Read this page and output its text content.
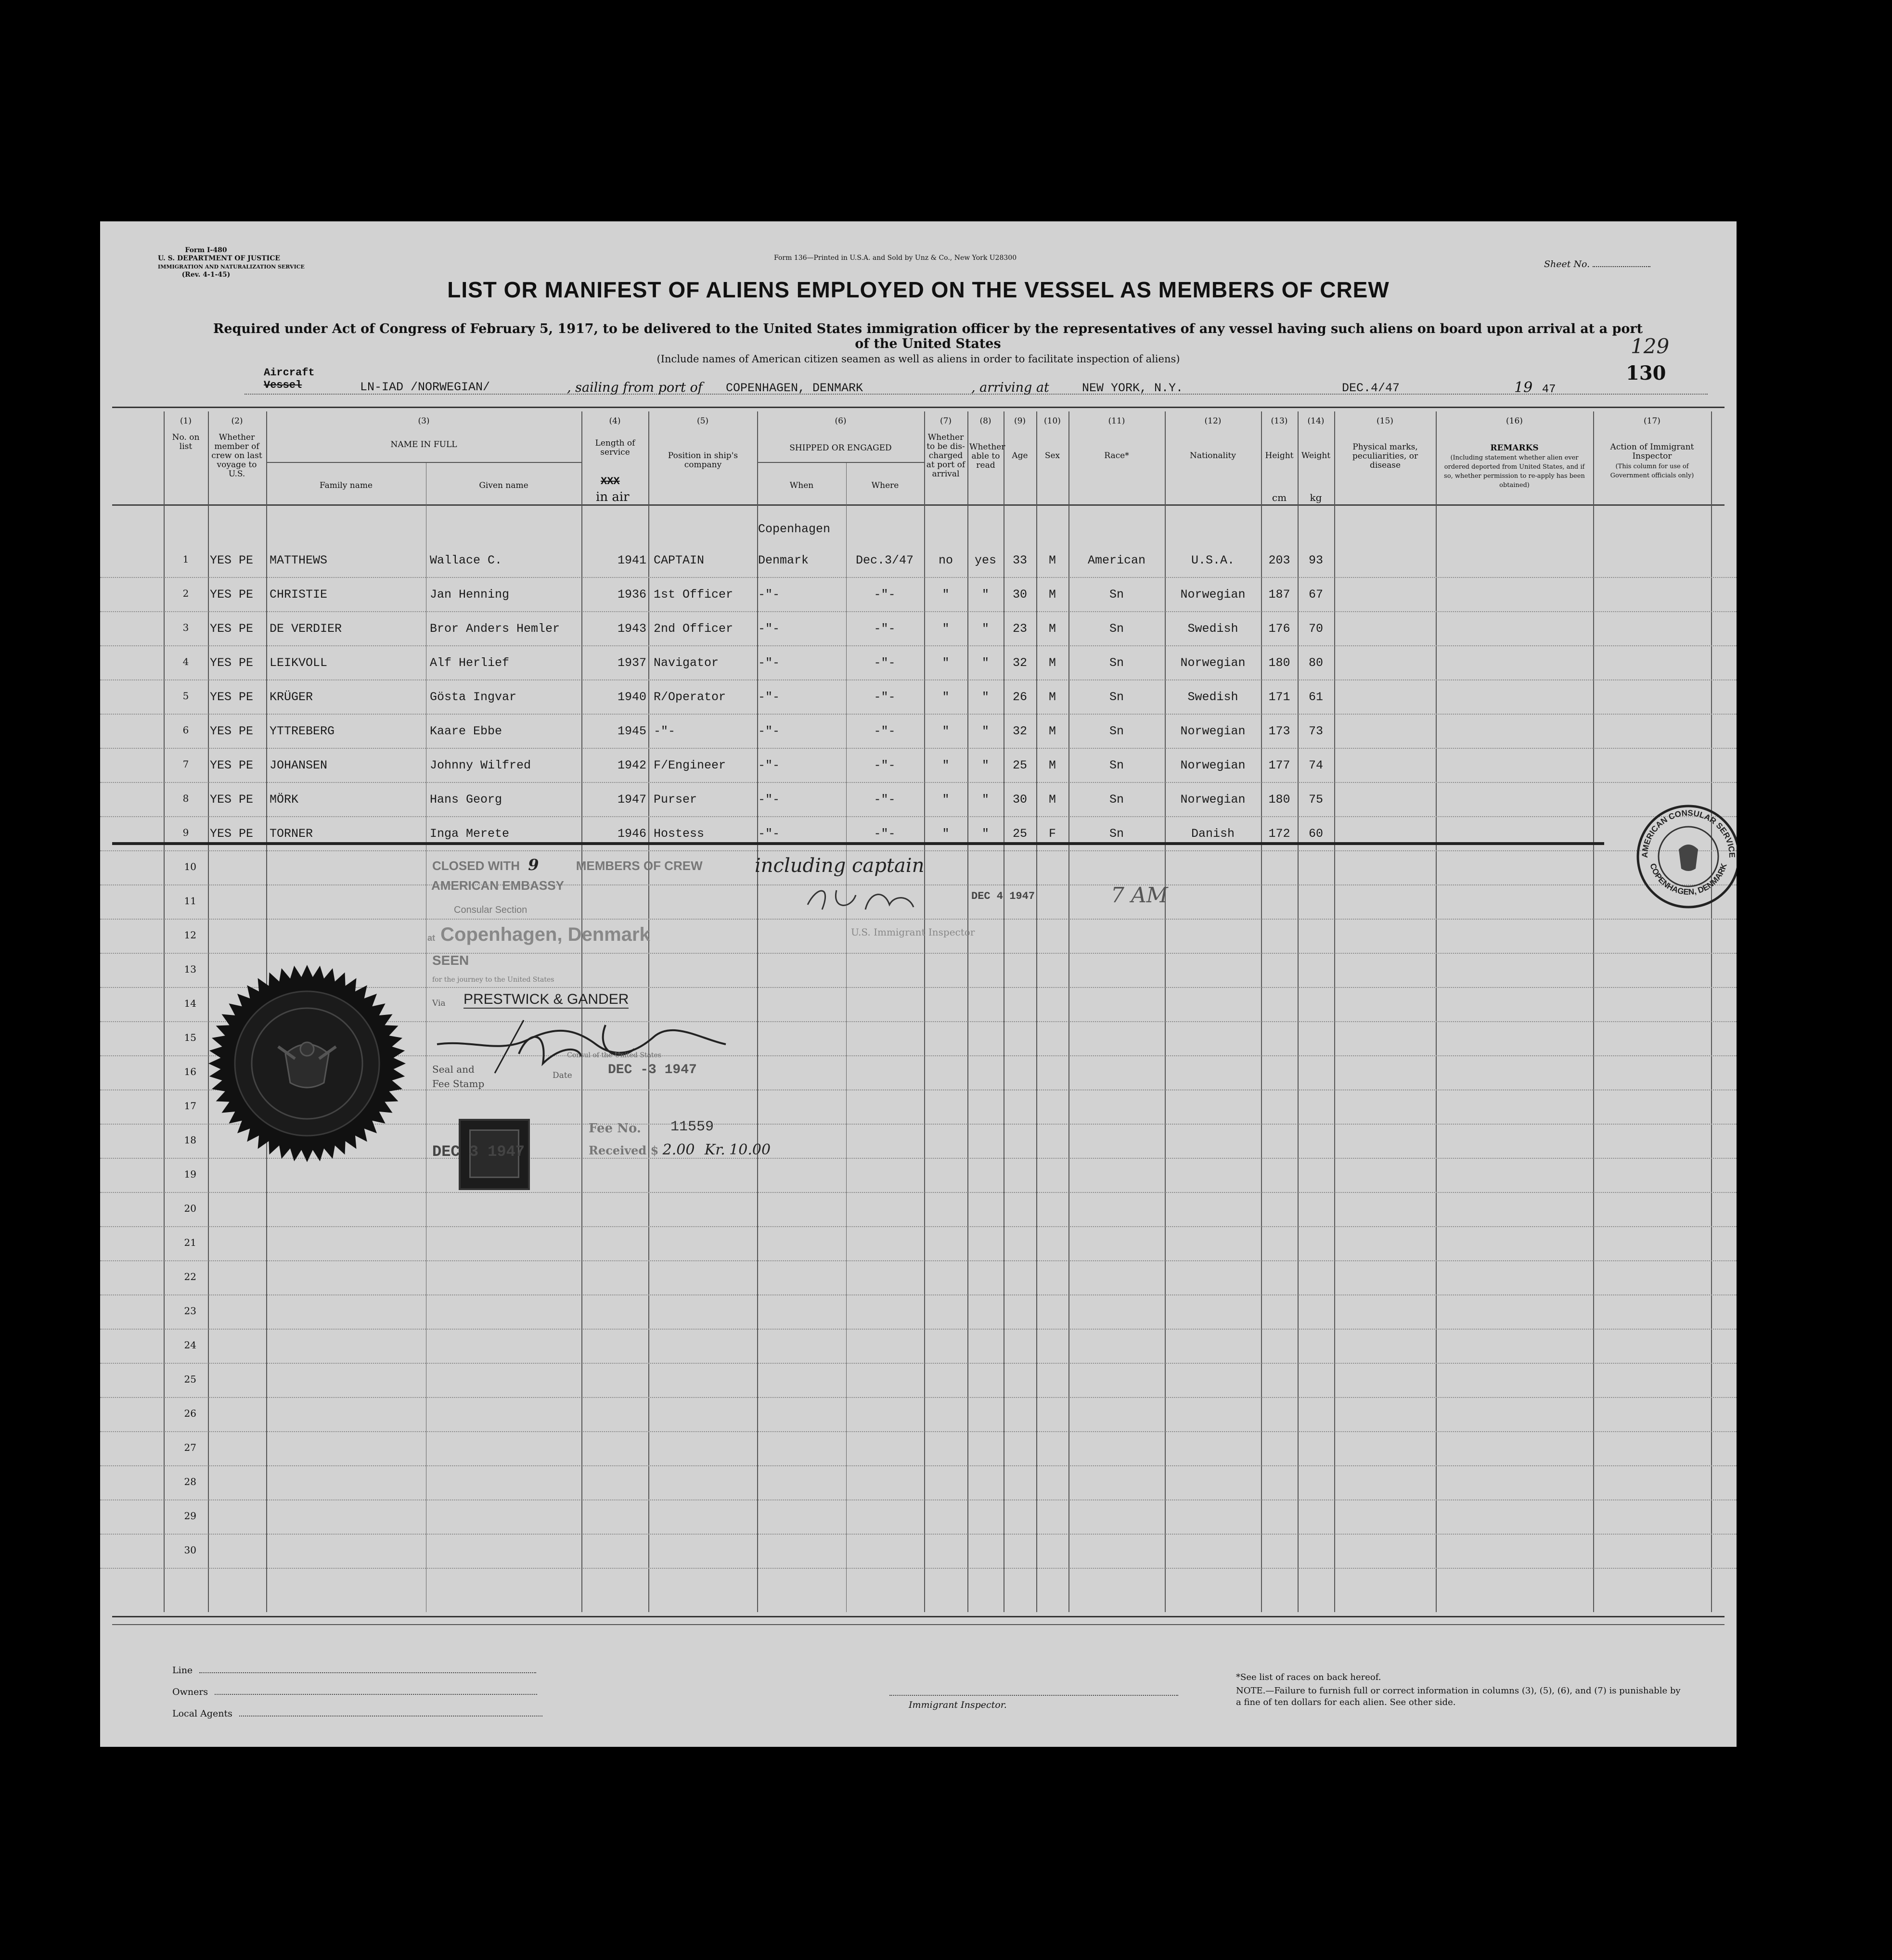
Form I-480
U. S. DEPARTMENT OF JUSTICE
IMMIGRATION AND NATURALIZATION SERVICE
(Rev. 4-1-45)
Form 136—Printed in U.S.A. and Sold by Unz & Co., New York U28300
Sheet No.
LIST OR MANIFEST OF ALIENS EMPLOYED ON THE VESSEL AS MEMBERS OF CREW
Required under Act of Congress of February 5, 1917, to be delivered to the United States immigration officer by the representatives of any vessel having such aliens on board upon arrival at a port of the United States
(Include names of American citizen seamen as well as aliens in order to facilitate inspection of aliens)
Aircraft
Vessel	LN-IAD /NORWEGIAN/	, sailing from port of COPENHAGEN, DENMARK	, arriving at	NEW YORK, N.Y.	DEC.4/47	19 47
129
130
(1)	(2)	(3)	(4)	(5)	(6)	(7)	(8)	(9)	(10)	(11)	(12)	(13)	(14)	(15)	(16)	(17)
No. on list
Whether member of crew on last voyage to U.S.
NAME IN FULL
Family name	Given name
Length of service
XXX
in air
Position in ship's company
SHIPPED OR ENGAGED
When	Where
Whether to be dis-charged at port of arrival
Whether able to read
Age	Sex	Race*	Nationality	Height
cm
Weight
kg
Physical marks, peculiarities, or disease
REMARKS
(Including statement whether alien ever ordered deported from United States, and if so, whether permission to re-apply has been obtained)
Action of Immigrant Inspector
(This column for use of Government officials only)
Copenhagen
1	YES PE	MATTHEWS	Wallace C.	1941 CAPTAIN	Denmark	Dec.3/47	no	yes	33	M	American	U.S.A.	203	93
2	YES PE	CHRISTIE	Jan Henning	1936 1st Officer	-"-	-"-	"	"	30	M	Sn	Norwegian	187	67
3	YES PE	DE VERDIER	Bror Anders Hemler	1943 2nd Officer	-"-	-"-	"	"	23	M	Sn	Swedish	176	70
4	YES PE	LEIKVOLL	Alf Herlief	1937 Navigator	-"-	-"-	"	"	32	M	Sn	Norwegian	180	80
5	YES PE	KRÜGER	Gösta Ingvar	1940 R/Operator	-"-	-"-	"	"	26	M	Sn	Swedish	171	61
6	YES PE	YTTREBERG	Kaare Ebbe	1945 -"-	-"-	-"-	"	"	32	M	Sn	Norwegian	173	73
7	YES PE	JOHANSEN	Johnny Wilfred	1942 F/Engineer	-"-	-"-	"	"	25	M	Sn	Norwegian	177	74
8	YES PE	MÖRK	Hans Georg	1947 Purser	-"-	-"-	"	"	30	M	Sn	Norwegian	180	75
9	YES PE	TORNER	Inga Merete	1946 Hostess	-"-	-"-	"	"	25	F	Sn	Danish	172	60
10
11
12
13
14
15
16
17
18
19
20
21
22
23
24
25
26
27
28
29
30
CLOSED WITH 9	MEMBERS OF CREW	including captain
AMERICAN EMBASSY
Consular Section
at Copenhagen, Denmark
SEEN
for the journey to the United States
Via PRESTWICK & GANDER
Consul of the United States
Date	DEC -3 1947
Seal and
Fee Stamp
DEC 3 1947
Fee No. 11559
Received $ 2.00 Kr. 10.00
DEC 4 1947	7 AM
U.S. Immigrant Inspector
AMERICAN CONSULAR SERVICE
COPENHAGEN, DENMARK
Line
Owners
Local Agents
Immigrant Inspector.
*See list of races on back hereof.
NOTE.—Failure to furnish full or correct information in columns (3), (5), (6), and (7) is punishable by a fine of ten dollars for each alien. See other side.
